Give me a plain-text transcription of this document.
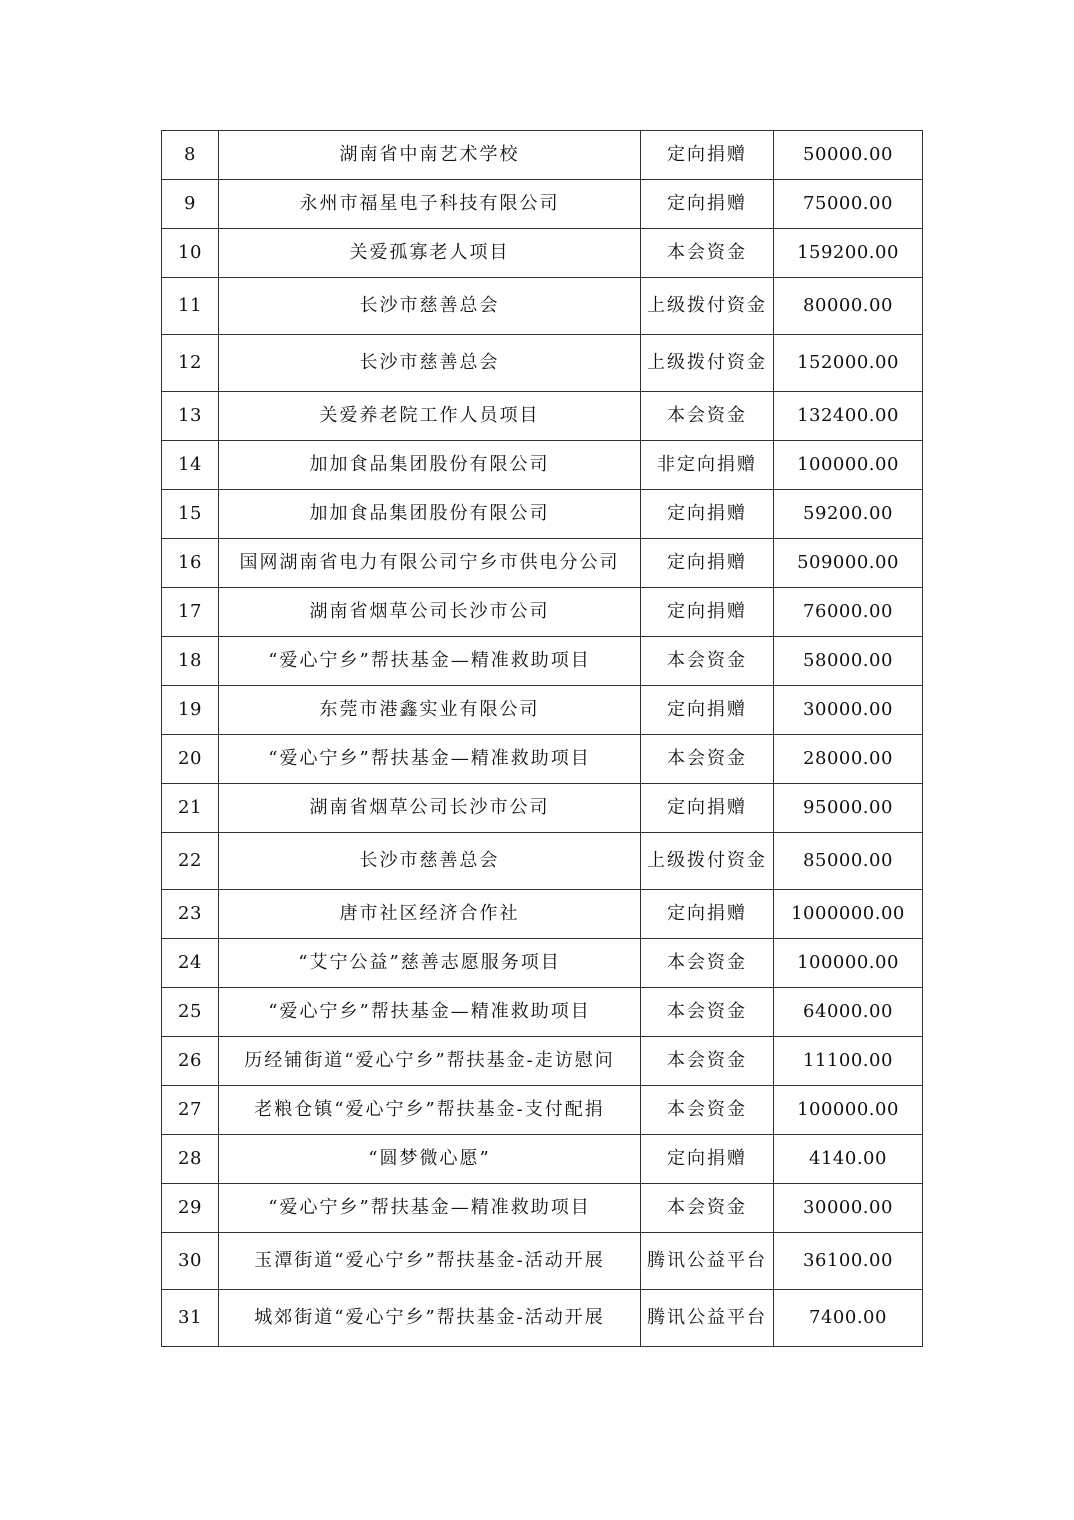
8	湖南省中南艺术学校	定向捐赠	50000.00
9	永州市福星电子科技有限公司	定向捐赠	75000.00
10	关爱孤寡老人项目	本会资金	159200.00
11	长沙市慈善总会	上级拨付资金	80000.00
12	长沙市慈善总会	上级拨付资金	152000.00
13	关爱养老院工作人员项目	本会资金	132400.00
14	加加食品集团股份有限公司	非定向捐赠	100000.00
15	加加食品集团股份有限公司	定向捐赠	59200.00
16	国网湖南省电力有限公司宁乡市供电分公司	定向捐赠	509000.00
17	湖南省烟草公司长沙市公司	定向捐赠	76000.00
18	“爱心宁乡”帮扶基金—精准救助项目	本会资金	58000.00
19	东莞市港鑫实业有限公司	定向捐赠	30000.00
20	“爱心宁乡”帮扶基金—精准救助项目	本会资金	28000.00
21	湖南省烟草公司长沙市公司	定向捐赠	95000.00
22	长沙市慈善总会	上级拨付资金	85000.00
23	唐市社区经济合作社	定向捐赠	1000000.00
24	“艾宁公益”慈善志愿服务项目	本会资金	100000.00
25	“爱心宁乡”帮扶基金—精准救助项目	本会资金	64000.00
26	历经铺街道“爱心宁乡”帮扶基金-走访慰问	本会资金	11100.00
27	老粮仓镇“爱心宁乡”帮扶基金-支付配捐	本会资金	100000.00
28	“圆梦微心愿”	定向捐赠	4140.00
29	“爱心宁乡”帮扶基金—精准救助项目	本会资金	30000.00
30	玉潭街道“爱心宁乡”帮扶基金-活动开展	腾讯公益平台	36100.00
31	城郊街道“爱心宁乡”帮扶基金-活动开展	腾讯公益平台	7400.00
